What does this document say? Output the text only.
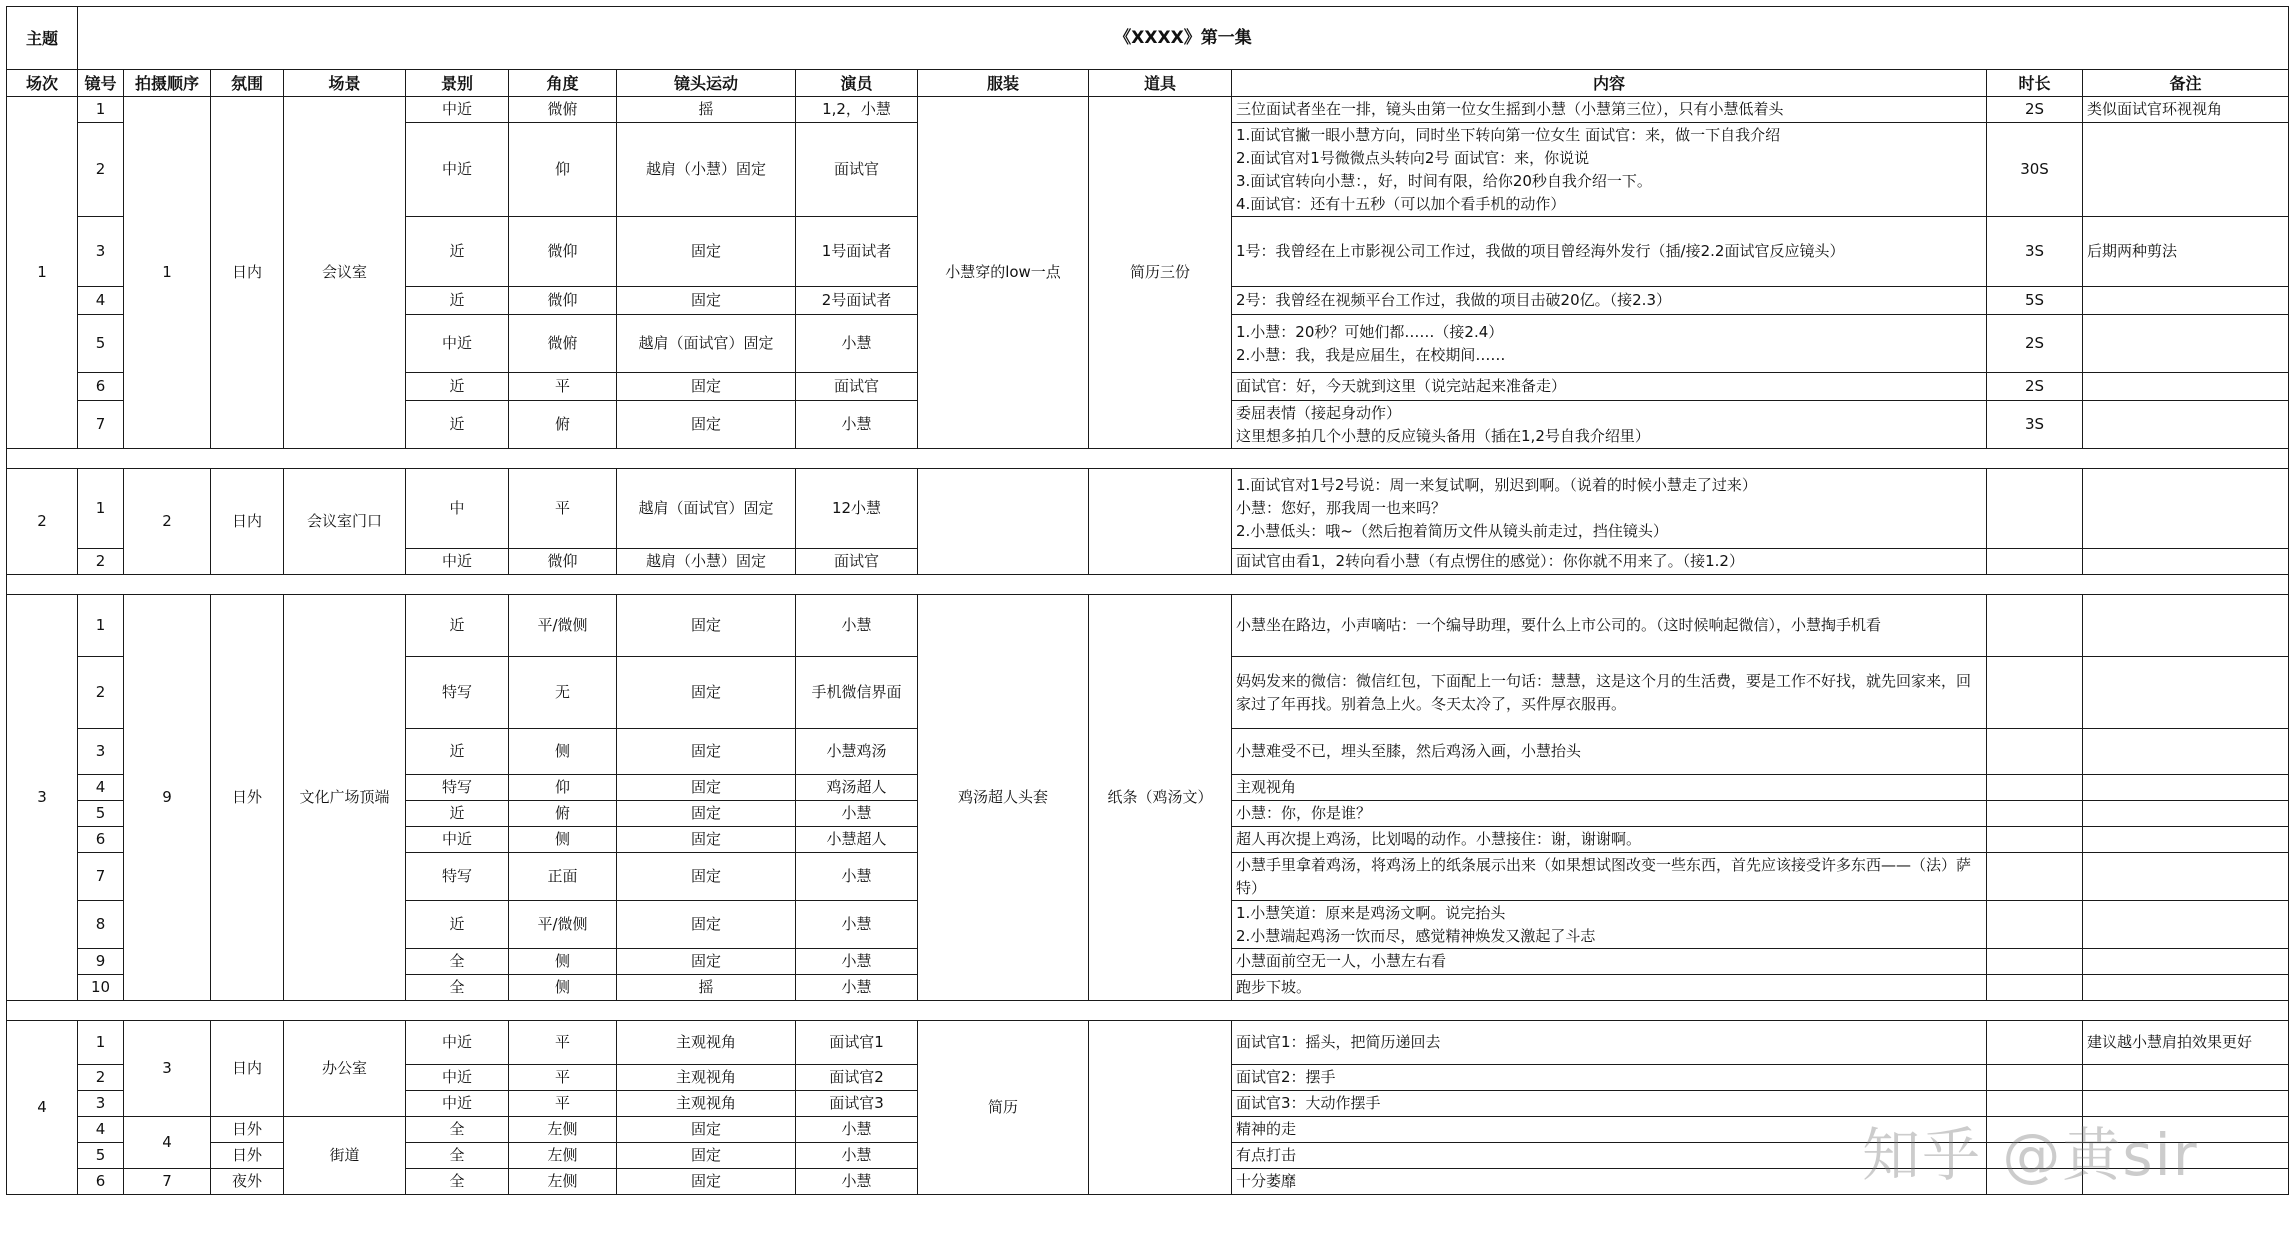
主题	《XXXX》第一集												
场次	镜号	拍摄顺序	氛围	场景	景别	角度	镜头运动	演员	服装	道具	内容	时长	备注
1	1	1	日内	会议室	中近	微俯	摇	1,2，小慧	小慧穿的low一点	简历三份	三位面试者坐在一排，镜头由第一位女生摇到小慧（小慧第三位），只有小慧低着头	2S	类似面试官环视视角
	2				中近	仰	越肩（小慧）固定	面试官			1.面试官撇一眼小慧方向，同时坐下转向第一位女生 面试官：来，做一下自我介绍
2.面试官对1号微微点头转向2号 面试官：来，你说说
3.面试官转向小慧：，好，时间有限，给你20秒自我介绍一下。
4.面试官：还有十五秒（可以加个看手机的动作）	30S	
	3				近	微仰	固定	1号面试者			1号：我曾经在上市影视公司工作过，我做的项目曾经海外发行（插/接2.2面试官反应镜头）	3S	后期两种剪法
	4				近	微仰	固定	2号面试者			2号：我曾经在视频平台工作过，我做的项目击破20亿。（接2.3）	5S	
	5				中近	微俯	越肩（面试官）固定	小慧			1.小慧：20秒？可她们都……（接2.4）
2.小慧：我，我是应届生，在校期间……	2S	
	6				近	平	固定	面试官			面试官：好，今天就到这里（说完站起来准备走）	2S	
	7				近	俯	固定	小慧			委屈表情（接起身动作）
这里想多拍几个小慧的反应镜头备用（插在1,2号自我介绍里）	3S	

2	1	2	日内	会议室门口	中	平	越肩（面试官）固定	12小慧			1.面试官对1号2号说：周一来复试啊，别迟到啊。（说着的时候小慧走了过来）
小慧：您好，那我周一也来吗？
2.小慧低头：哦~（然后抱着简历文件从镜头前走过，挡住镜头）		
	2				中近	微仰	越肩（小慧）固定	面试官			面试官由看1，2转向看小慧（有点愣住的感觉）：你你就不用来了。（接1.2）		

3	1	9	日外	文化广场顶端	近	平/微侧	固定	小慧	鸡汤超人头套	纸条（鸡汤文）	小慧坐在路边，小声嘀咕：一个编导助理，要什么上市公司的。（这时候响起微信），小慧掏手机看		
	2				特写	无	固定	手机微信界面			妈妈发来的微信：微信红包，下面配上一句话：慧慧，这是这个月的生活费，要是工作不好找，就先回家来，回家过了年再找。别着急上火。冬天太冷了，买件厚衣服再。		
	3				近	侧	固定	小慧鸡汤			小慧难受不已，埋头至膝，然后鸡汤入画，小慧抬头		
	4				特写	仰	固定	鸡汤超人			主观视角		
	5				近	俯	固定	小慧			小慧：你，你是谁？		
	6				中近	侧	固定	小慧超人			超人再次提上鸡汤，比划喝的动作。小慧接住：谢，谢谢啊。		
	7				特写	正面	固定	小慧			小慧手里拿着鸡汤，将鸡汤上的纸条展示出来（如果想试图改变一些东西，首先应该接受许多东西——（法）萨特）		
	8				近	平/微侧	固定	小慧			1.小慧笑道：原来是鸡汤文啊。说完抬头
2.小慧端起鸡汤一饮而尽，感觉精神焕发又激起了斗志		
	9				全	侧	固定	小慧			小慧面前空无一人，小慧左右看		
	10				全	侧	摇	小慧			跑步下坡。		

4	1	3	日内	办公室	中近	平	主观视角	面试官1	简历		面试官1：摇头，把简历递回去		建议越小慧肩拍效果更好
	2				中近	平	主观视角	面试官2			面试官2：摆手		
	3				中近	平	主观视角	面试官3			面试官3：大动作摆手		
	4	4	日外	街道	全	左侧	固定	小慧			精神的走		
	5		日外		全	左侧	固定	小慧			有点打击		
	6	7	夜外		全	左侧	固定	小慧			十分萎靡			知乎 @黄sir
